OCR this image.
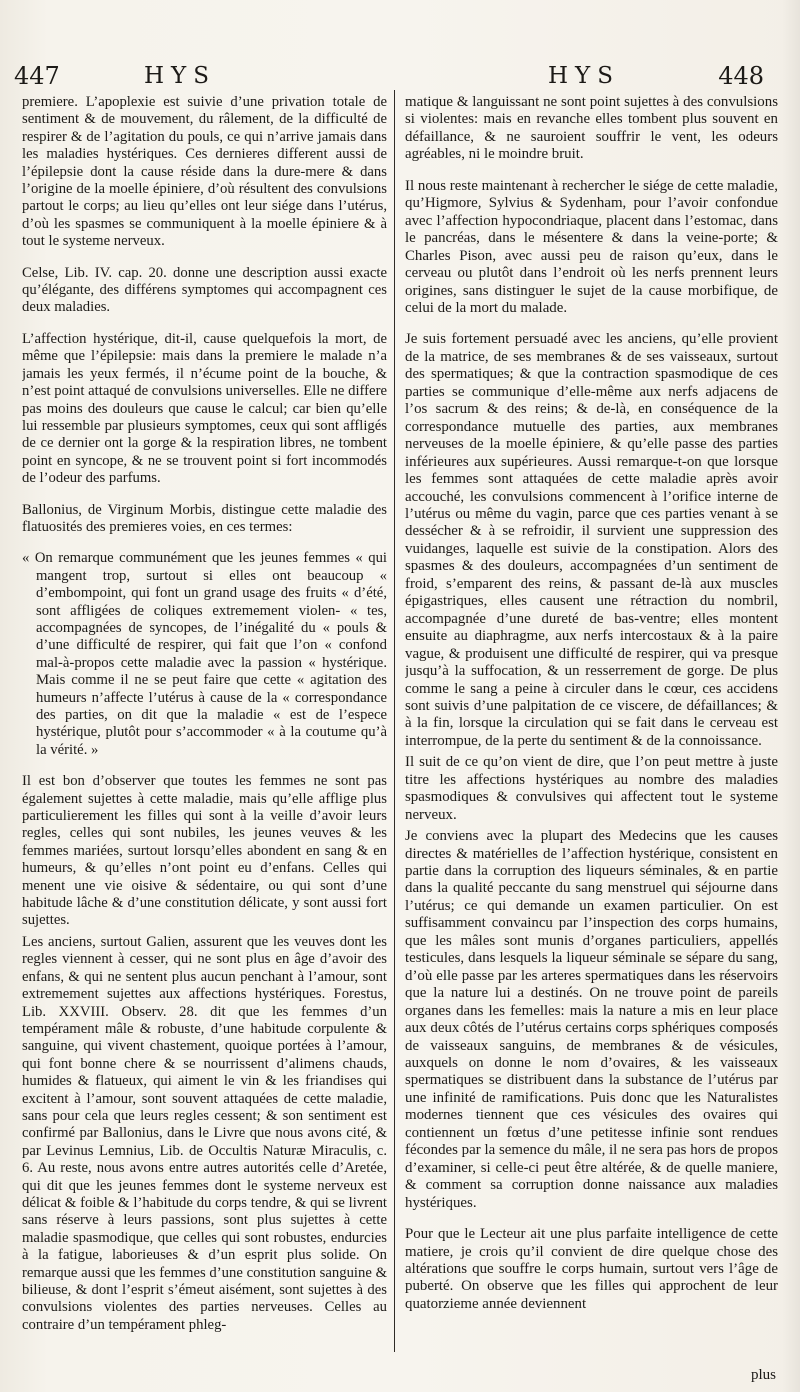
447	HYS	HYS	448

premiere. L’apoplexie est suivie d’une privation totale de sentiment & de mouvement, du râlement, de la difficulté de respirer & de l’agitation du pouls, ce qui n’arrive jamais dans les maladies hystériques. Ces dernieres different aussi de l’épilepsie dont la cause réside dans la dure-mere & dans l’origine de la moelle épiniere, d’où résultent des convulsions partout le corps; au lieu qu’elles ont leur siége dans l’utérus, d’où les spasmes se communiquent à la moelle épiniere & à tout le systeme nerveux.

Celse, Lib. IV. cap. 20. donne une description aussi exacte qu’élégante, des différens symptomes qui accompagnent ces deux maladies.

L’affection hystérique, dit-il, cause quelquefois la mort, de même que l’épilepsie: mais dans la premiere le malade n’a jamais les yeux fermés, il n’écume point de la bouche, & n’est point attaqué de convulsions universelles. Elle ne differe pas moins des douleurs que cause le calcul; car bien qu’elle lui ressemble par plusieurs symptomes, ceux qui sont affligés de ce dernier ont la gorge & la respiration libres, ne tombent point en syncope, & ne se trouvent point si fort incommodés de l’odeur des parfums.

Ballonius, de Virginum Morbis, distingue cette maladie des flatuosités des premieres voies, en ces termes:

« On remarque communément que les jeunes femmes « qui mangent trop, surtout si elles ont beaucoup « d’embompoint, qui font un grand usage des fruits « d’été, sont affligées de coliques extremement violen- « tes, accompagnées de syncopes, de l’inégalité du « pouls & d’une difficulté de respirer, qui fait que l’on « confond mal-à-propos cette maladie avec la passion « hystérique. Mais comme il ne se peut faire que cette « agitation des humeurs n’affecte l’utérus à cause de la « correspondance des parties, on dit que la maladie « est de l’espece hystérique, plutôt pour s’accommoder « à la coutume qu’à la vérité. »

Il est bon d’observer que toutes les femmes ne sont pas également sujettes à cette maladie, mais qu’elle afflige plus particulierement les filles qui sont à la veille d’avoir leurs regles, celles qui sont nubiles, les jeunes veuves & les femmes mariées, surtout lorsqu’elles abondent en sang & en humeurs, & qu’elles n’ont point eu d’enfans. Celles qui menent une vie oisive & sédentaire, ou qui sont d’une habitude lâche & d’une constitution délicate, y sont aussi fort sujettes.

Les anciens, surtout Galien, assurent que les veuves dont les regles viennent à cesser, qui ne sont plus en âge d’avoir des enfans, & qui ne sentent plus aucun penchant à l’amour, sont extremement sujettes aux affections hystériques. Forestus, Lib. XXVIII. Observ. 28. dit que les femmes d’un tempérament mâle & robuste, d’une habitude corpulente & sanguine, qui vivent chastement, quoique portées à l’amour, qui font bonne chere & se nourrissent d’alimens chauds, humides & flatueux, qui aiment le vin & les friandises qui excitent à l’amour, sont souvent attaquées de cette maladie, sans pour cela que leurs regles cessent; & son sentiment est confirmé par Ballonius, dans le Livre que nous avons cité, & par Levinus Lemnius, Lib. de Occultis Naturæ Miraculis, c. 6. Au reste, nous avons entre autres autorités celle d’Aretée, qui dit que les jeunes femmes dont le systeme nerveux est délicat & foible & l’habitude du corps tendre, & qui se livrent sans réserve à leurs passions, sont plus sujettes à cette maladie spasmodique, que celles qui sont robustes, endurcies à la fatigue, laborieuses & d’un esprit plus solide. On remarque aussi que les femmes d’une constitution sanguine & bilieuse, & dont l’esprit s’émeut aisément, sont sujettes à des convulsions violentes des parties nerveuses. Celles au contraire d’un tempérament phleg-

matique & languissant ne sont point sujettes à des convulsions si violentes: mais en revanche elles tombent plus souvent en défaillance, & ne sauroient souffrir le vent, les odeurs agréables, ni le moindre bruit.

Il nous reste maintenant à rechercher le siége de cette maladie, qu’Higmore, Sylvius & Sydenham, pour l’avoir confondue avec l’affection hypocondriaque, placent dans l’estomac, dans le pancréas, dans le mésentere & dans la veine-porte; & Charles Pison, avec aussi peu de raison qu’eux, dans le cerveau ou plutôt dans l’endroit où les nerfs prennent leurs origines, sans distinguer le sujet de la cause morbifique, de celui de la mort du malade.

Je suis fortement persuadé avec les anciens, qu’elle provient de la matrice, de ses membranes & de ses vaisseaux, surtout des spermatiques; & que la contraction spasmodique de ces parties se communique d’elle-même aux nerfs adjacens de l’os sacrum & des reins; & de-là, en conséquence de la correspondance mutuelle des parties, aux membranes nerveuses de la moelle épiniere, & qu’elle passe des parties inférieures aux supérieures. Aussi remarque-t-on que lorsque les femmes sont attaquées de cette maladie après avoir accouché, les convulsions commencent à l’orifice interne de l’utérus ou même du vagin, parce que ces parties venant à se dessécher & à se refroidir, il survient une suppression des vuidanges, laquelle est suivie de la constipation. Alors des spasmes & des douleurs, accompagnées d’un sentiment de froid, s’emparent des reins, & passant de-là aux muscles épigastriques, elles causent une rétraction du nombril, accompagnée d’une dureté de bas-ventre; elles montent ensuite au diaphragme, aux nerfs intercostaux & à la paire vague, & produisent une difficulté de respirer, qui va presque jusqu’à la suffocation, & un resserrement de gorge. De plus comme le sang a peine à circuler dans le cœur, ces accidens sont suivis d’une palpitation de ce viscere, de défaillances; & à la fin, lorsque la circulation qui se fait dans le cerveau est interrompue, de la perte du sentiment & de la connoissance.

Il suit de ce qu’on vient de dire, que l’on peut mettre à juste titre les affections hystériques au nombre des maladies spasmodiques & convulsives qui affectent tout le systeme nerveux.

Je conviens avec la plupart des Medecins que les causes directes & matérielles de l’affection hystérique, consistent en partie dans la corruption des liqueurs séminales, & en partie dans la qualité peccante du sang menstruel qui séjourne dans l’utérus; ce qui demande un examen particulier. On est suffisamment convaincu par l’inspection des corps humains, que les mâles sont munis d’organes particuliers, appellés testicules, dans lesquels la liqueur séminale se sépare du sang, d’où elle passe par les arteres spermatiques dans les réservoirs que la nature lui a destinés. On ne trouve point de pareils organes dans les femelles: mais la nature a mis en leur place aux deux côtés de l’utérus certains corps sphériques composés de vaisseaux sanguins, de membranes & de vésicules, auxquels on donne le nom d’ovaires, & les vaisseaux spermatiques se distribuent dans la substance de l’utérus par une infinité de ramifications. Puis donc que les Naturalistes modernes tiennent que ces vésicules des ovaires qui contiennent un fœtus d’une petitesse infinie sont rendues fécondes par la semence du mâle, il ne sera pas hors de propos d’examiner, si celle-ci peut être altérée, & de quelle maniere, & comment sa corruption donne naissance aux maladies hystériques.

Pour que le Lecteur ait une plus parfaite intelligence de cette matiere, je crois qu’il convient de dire quelque chose des altérations que souffre le corps humain, surtout vers l’âge de puberté. On observe que les filles qui approchent de leur quatorzieme année deviennent

plus
